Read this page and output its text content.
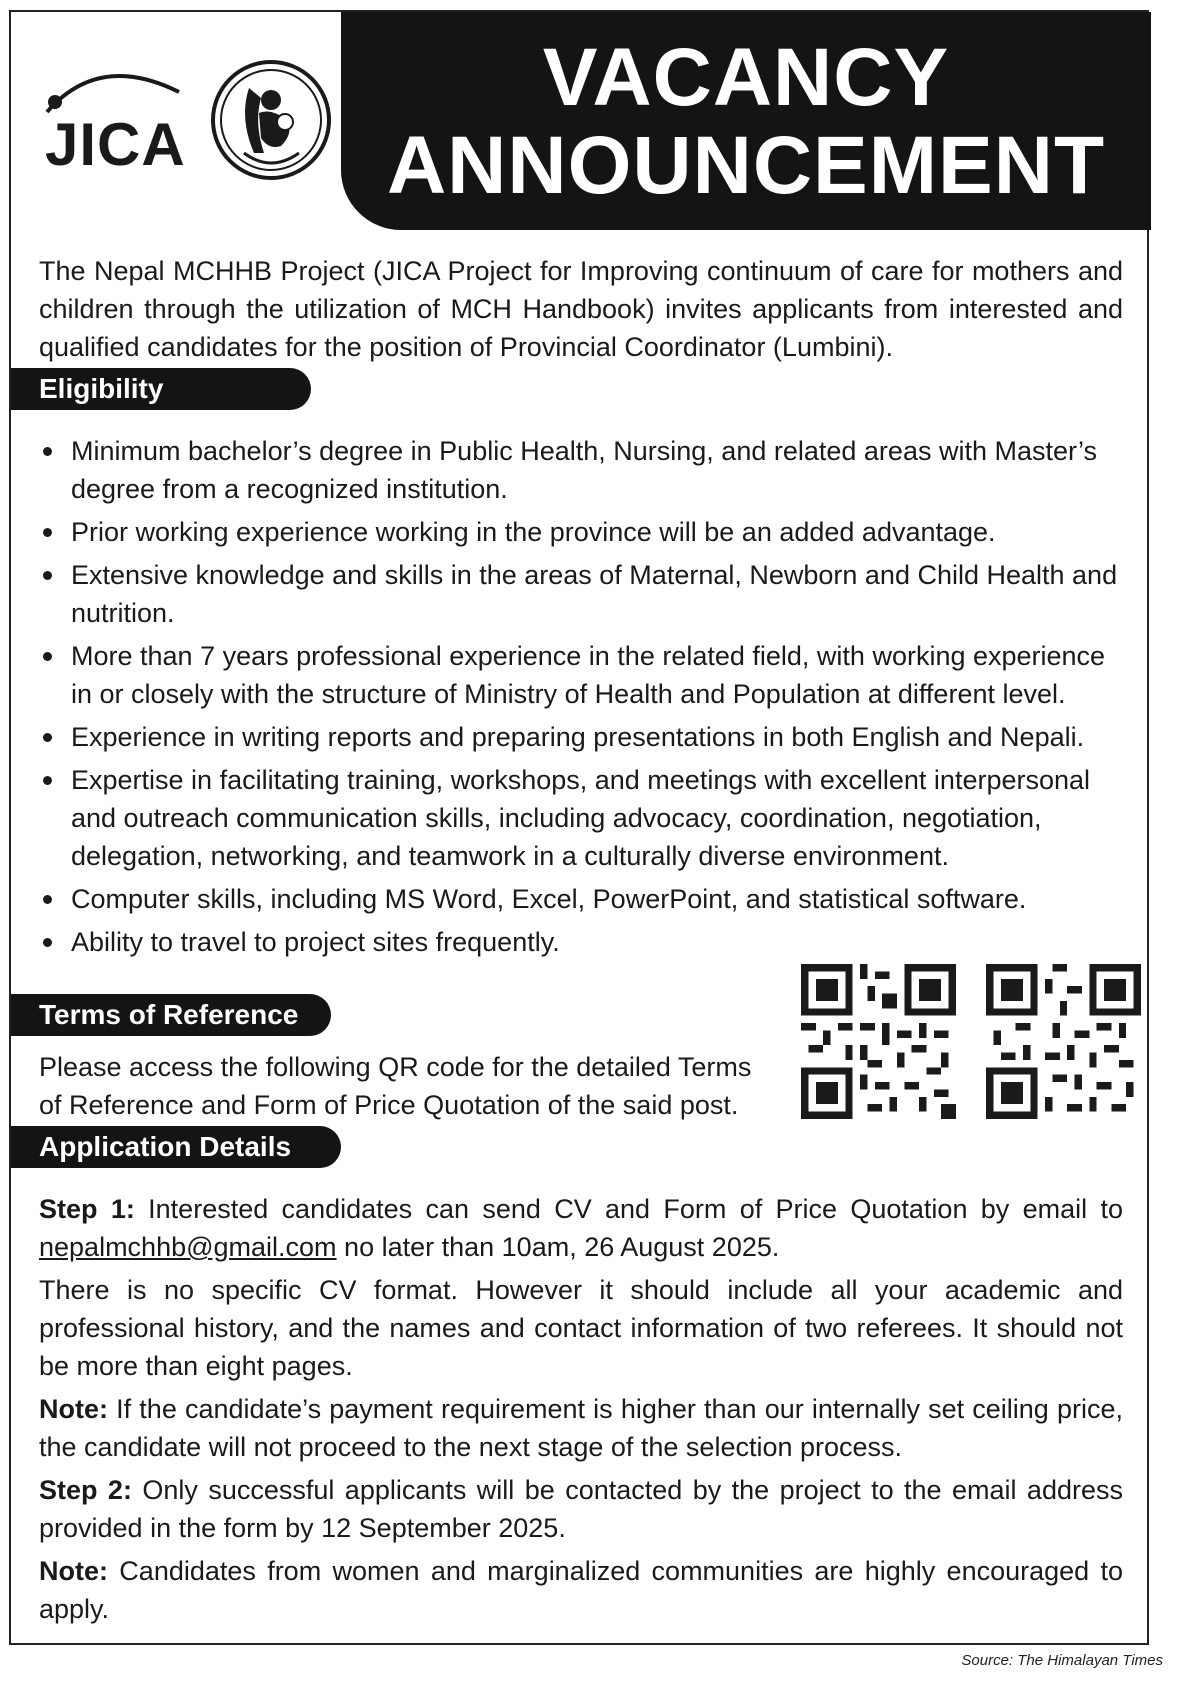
JICA
VACANCY
ANNOUNCEMENT
The Nepal MCHHB Project (JICA Project for Improving continuum of care for mothers and children through the utilization of MCH Handbook) invites applicants from interested and qualified candidates for the position of Provincial Coordinator (Lumbini).
Eligibility
Minimum bachelor’s degree in Public Health, Nursing, and related areas with Master’s degree from a recognized institution.
Prior working experience working in the province will be an added advantage.
Extensive knowledge and skills in the areas of Maternal, Newborn and Child Health and nutrition.
More than 7 years professional experience in the related field, with working experience in or closely with the structure of Ministry of Health and Population at different level.
Experience in writing reports and preparing presentations in both English and Nepali.
Expertise in facilitating training, workshops, and meetings with excellent interpersonal and outreach communication skills, including advocacy, coordination, negotiation, delegation, networking, and teamwork in a culturally diverse environment.
Computer skills, including MS Word, Excel, PowerPoint, and statistical software.
Ability to travel to project sites frequently.
Terms of Reference
Please access the following QR code for the detailed Terms of Reference and Form of Price Quotation of the said post.
Application Details

Step 1: Interested candidates can send CV and Form of Price Quotation by email to nepalmchhb@gmail.com no later than 10am, 26 August 2025.

There is no specific CV format. However it should include all your academic and professional history, and the names and contact information of two referees. It should not be more than eight pages.

Note: If the candidate’s payment requirement is higher than our internally set ceiling price, the candidate will not proceed to the next stage of the selection process.

Step 2: Only successful applicants will be contacted by the project to the email address provided in the form by 12 September 2025.

Note: Candidates from women and marginalized communities are highly encouraged to apply.

Source: The Himalayan Times
